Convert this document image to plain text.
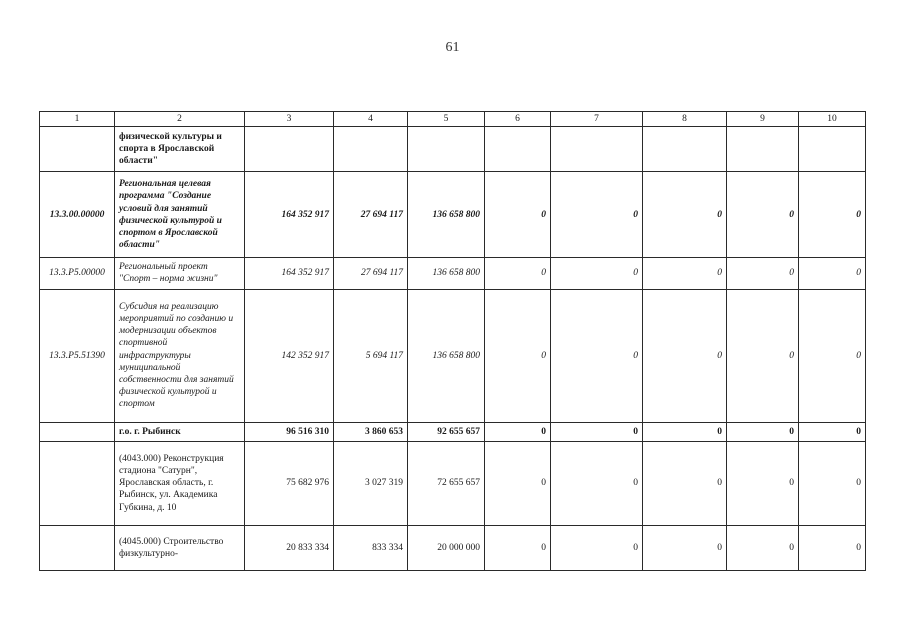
61
1	2	3	4	5	6	7	8	9	10
	физической культуры и спорта в Ярославской области"								
13.3.00.00000	Региональная целевая программа "Создание условий для занятий физической культурой и спортом в Ярославской области"	164 352 917	27 694 117	136 658 800	0	0	0	0	0
13.3.Р5.00000	Региональный проект "Спорт – норма жизни"	164 352 917	27 694 117	136 658 800	0	0	0	0	0
13.3.Р5.51390	Субсидия на реализацию мероприятий по созданию и модернизации объектов спортивной инфраструктуры муниципальной собственности для занятий физической культурой и спортом	142 352 917	5 694 117	136 658 800	0	0	0	0	0
	г.о. г. Рыбинск	96 516 310	3 860 653	92 655 657	0	0	0	0	0
	(4043.000) Реконструкция стадиона "Сатурн", Ярославская область, г. Рыбинск, ул. Академика Губкина, д. 10	75 682 976	3 027 319	72 655 657	0	0	0	0	0
	(4045.000) Строительство физкультурно-	20 833 334	833 334	20 000 000	0	0	0	0	0
